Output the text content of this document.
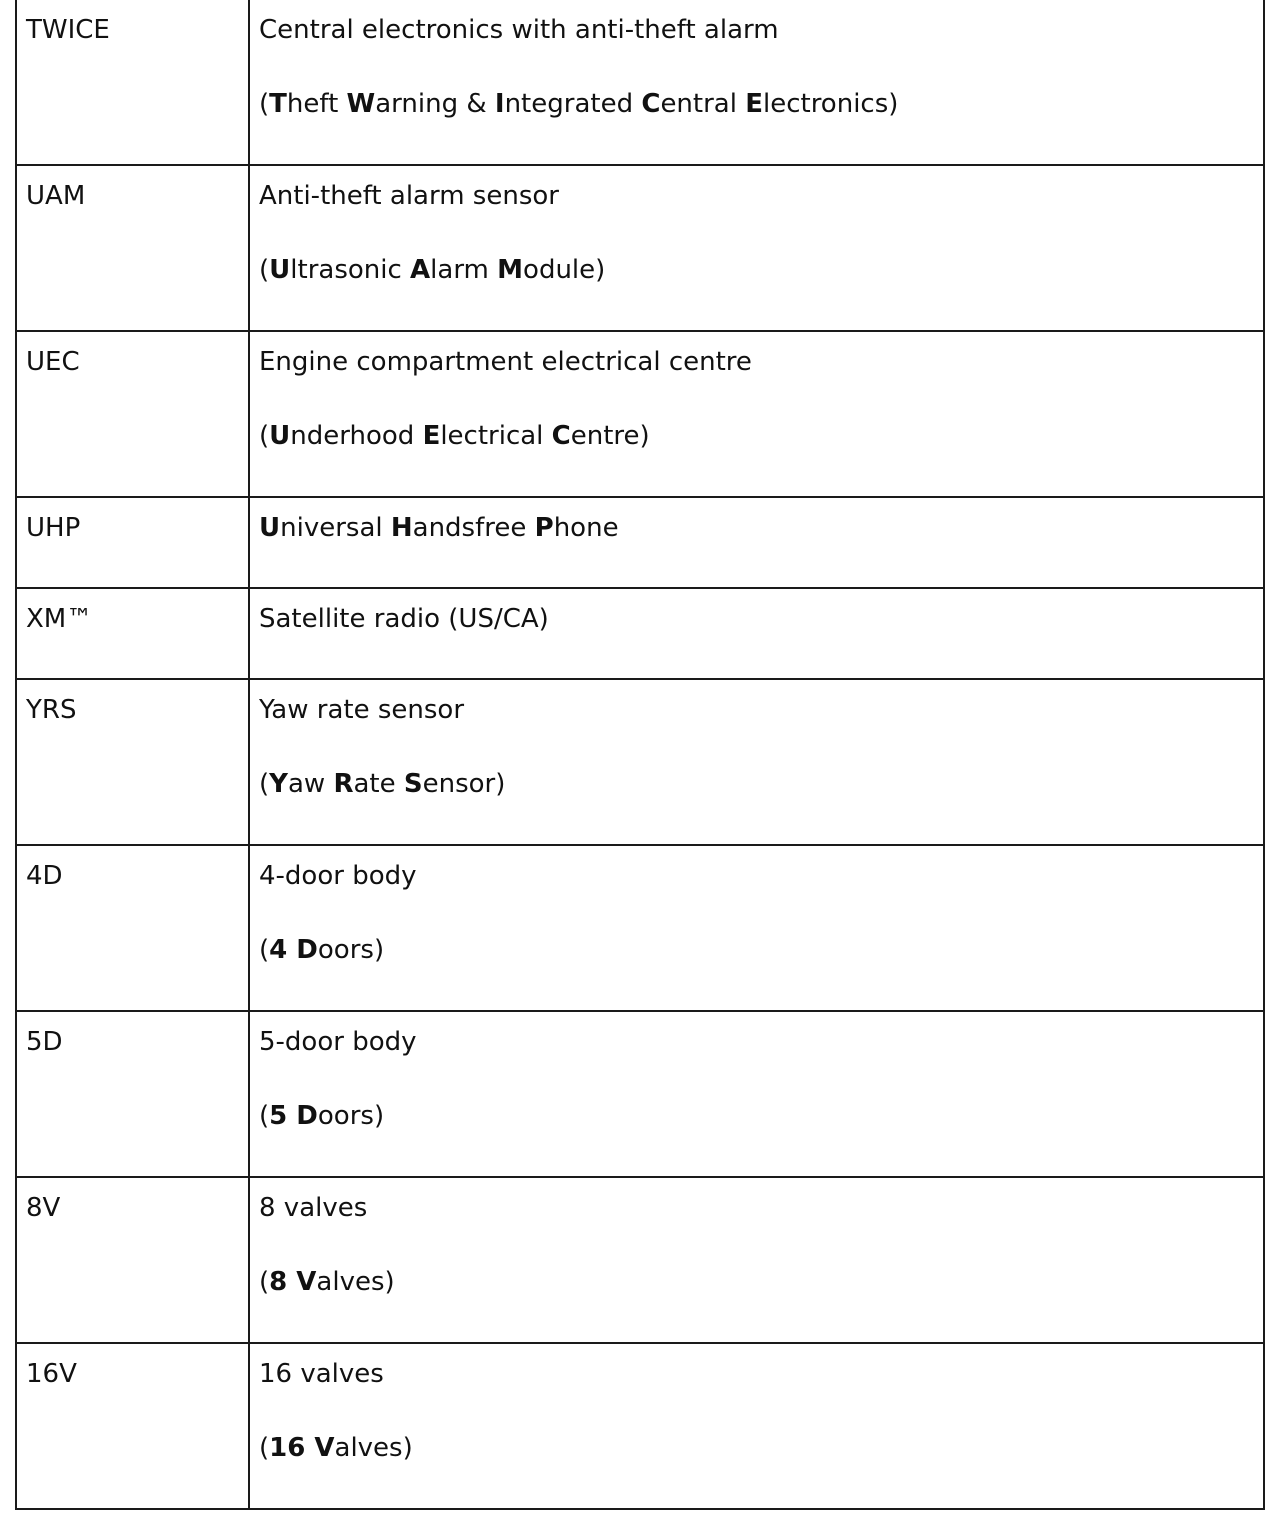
TWICE	Central electronics with anti-theft alarm
(Theft Warning & Integrated Central Electronics)

UAM	Anti-theft alarm sensor
(Ultrasonic Alarm Module)

UEC	Engine compartment electrical centre
(Underhood Electrical Centre)

UHP	Universal Handsfree Phone

XM™	Satellite radio (US/CA)

YRS	Yaw rate sensor
(Yaw Rate Sensor)

4D	4-door body
(4 Doors)

5D	5-door body
(5 Doors)

8V	8 valves
(8 Valves)

16V	16 valves
(16 Valves)
